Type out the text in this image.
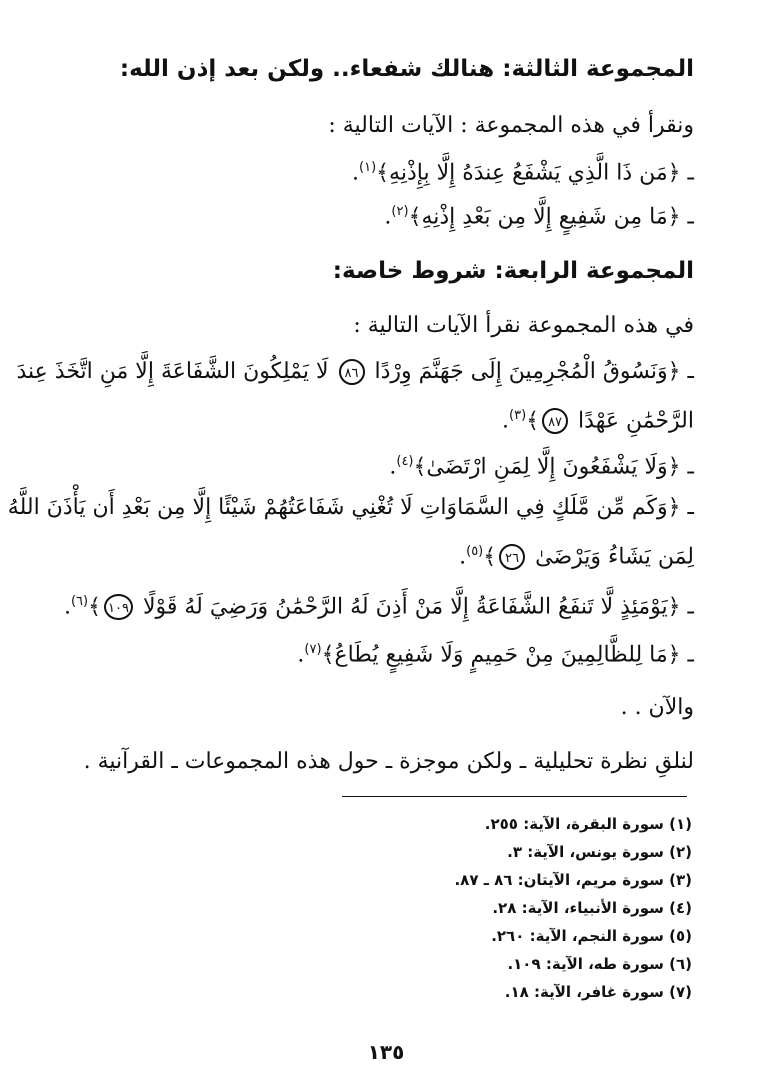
المجموعة الثالثة: هنالك شفعاء.. ولكن بعد إذن الله:
ونقرأ في هذه المجموعة : الآيات التالية :
ـ ﴿مَن ذَا الَّذِي يَشْفَعُ عِندَهُ إِلَّا بِإِذْنِهِ﴾$^{(١)}$.
ـ ﴿مَا مِن شَفِيعٍ إِلَّا مِن بَعْدِ إِذْنِهِ﴾$^{(٢)}$.
المجموعة الرابعة: شروط خاصة:
في هذه المجموعة نقرأ الآيات التالية :
ـ ﴿وَنَسُوقُ الْمُجْرِمِينَ إِلَى جَهَنَّمَ وِرْدًا ٨٦ لَا يَمْلِكُونَ الشَّفَاعَةَ إِلَّا مَنِ اتَّخَذَ عِندَ
الرَّحْمَٰنِ عَهْدًا ٨٧﴾$^{(٣)}$.
ـ ﴿وَلَا يَشْفَعُونَ إِلَّا لِمَنِ ارْتَضَىٰ﴾$^{(٤)}$.
ـ ﴿وَكَم مِّن مَّلَكٍ فِي السَّمَاوَاتِ لَا تُغْنِي شَفَاعَتُهُمْ شَيْئًا إِلَّا مِن بَعْدِ أَن يَأْذَنَ اللَّهُ
لِمَن يَشَاءُ وَيَرْضَىٰ ٢٦﴾$^{(٥)}$.
ـ ﴿يَوْمَئِذٍ لَّا تَنفَعُ الشَّفَاعَةُ إِلَّا مَنْ أَذِنَ لَهُ الرَّحْمَٰنُ وَرَضِيَ لَهُ قَوْلًا ١٠٩﴾$^{(٦)}$.
ـ ﴿مَا لِلظَّالِمِينَ مِنْ حَمِيمٍ وَلَا شَفِيعٍ يُطَاعُ﴾$^{(٧)}$.
والآن . .
لنلقِ نظرة تحليلية ـ ولكن موجزة ـ حول هذه المجموعات ـ القرآنية .
(١) سورة البقرة، الآية: ٢٥٥.
(٢) سورة يونس، الآية: ٣.
(٣) سورة مريم، الآيتان: ٨٦ ـ ٨٧.
(٤) سورة الأنبياء، الآية: ٢٨.
(٥) سورة النجم، الآية: ٢٦٠.
(٦) سورة طه، الآية: ١٠٩.
(٧) سورة غافر، الآية: ١٨.
١٣٥
